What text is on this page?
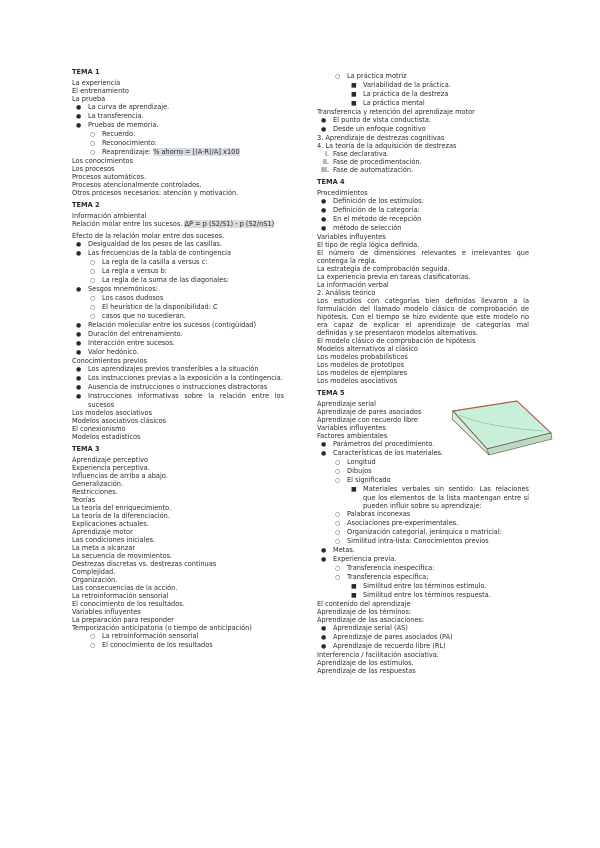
TEMA 1

La experiencia

El entrenamiento

La prueba

● La curva de aprendizaje.

● La transferencia.

● Pruebas de memoria.

○ Recuerdo:

○ Reconocimiento:

○ Reaprendizaje: % ahorro = [(A-R)/A] x100

Los conocimientos

Los procesos

Procesos automáticos.

Procesos atencionalmente controlados.

Otros procesos necesarios: atención y motivación.

TEMA 2

Información ambiental

Relación molar entre los sucesos. ΔP = p (S2/S1) - p (S2/nS1)

Efecto de la relación molar entre dos sucesos.

● Desigualdad de los pesos de las casillas.

● Las frecuencias de la tabla de contingencia

○ La regla de la casilla a versus c:

○ La regla a versus b:

○ La regla de la suma de las diagonales:

● Sesgos mnemónicos:

○ Los casos dudosos

○ El heurístico de la disponibilidad: C

○ casos que no sucedieran.

● Relación molecular entre los sucesos (contigüidad)

● Duración del entrenamiento.

● Interacción entre sucesos.

● Valor hedónico.

Conocimientos previos

● Los aprendizajes previos transferibles a la situación

● Los instrucciones previas a la exposición a la contingencia.

● Ausencia de instrucciones o instrucciones distractoras

● Instrucciones informativas sobre la relación entre los sucesos

Los modelos asociativos

Modelos asociativos clásicos

El conexionismo

Modelos estadísticos

TEMA 3

Aprendizaje perceptivo

Experiencia perceptiva.

Influencias de arriba a abajo.

Generalización.

Restricciones.

Teorías

La teoría del enriquecimiento.

La teoría de la diferenciación.

Explicaciones actuales.

Aprendizaje motor

Las condiciones iniciales.

La meta a alcanzar

La secuencia de movimientos.

Destrezas discretas vs. destrezas continuas

Complejidad.

Organización.

Las consecuencias de la acción.

La retroinformación sensorial

El conocimiento de los resultados.

Variables influyentes

La preparación para responder

Temporización anticipatoria (o tiempo de anticipación)

○ La retroinformación sensorial

○ El conocimiento de los resultados

○ La práctica motriz

■ Variabilidad de la práctica.

■ La práctica de la destreza

■ La práctica mental

Transferencia y retención del aprendizaje motor

● El punto de vista conductista.

● Desde un enfoque cognitivo

3. Aprendizaje de destrezas cognitivas

4. La teoría de la adquisición de destrezas

I. Fase declarativa.

II. Fase de procedimentación.

III. Fase de automatización.

TEMA 4

Procedimientos

● Definición de los estímulos:

● Definición de la categoría:

● En el método de recepción

● método de selección

Variables influyentes

El tipo de regla lógica definida.

El número de dimensiones relevantes e irrelevantes que contenga la regla.

La estrategia de comprobación seguida.

La experiencia previa en tareas clasificatorias.

La información verbal

2. Análisis teórico

Los estudios con categorías bien definidas llevaron a la formulación del llamado modelo clásico de comprobación de hipótesis. Con el tiempo se hizo evidente que este modelo no era capaz de explicar el aprendizaje de categorías mal definidas y se presentaron modelos alternativos.

El modelo clásico de comprobación de hipótesis

Modelos alternativos al clásico

Los modelos probabilísticos

Los modelos de prototipos

Los modelos de ejemplares

Los modelos asociativos

TEMA 5

Aprendizaje serial

Aprendizaje de pares asociados

Aprendizaje con recuerdo libre

Variables influyentes

Factores ambientales

● Parámetros del procedimiento.

● Características de los materiales.

○ Longitud

○ Dibujos

○ El significado

■ Materiales verbales sin sentido: Las relaciones que los elementos de la lista mantengan entre sí pueden influir sobre su aprendizaje:

○ Palabras inconexas

○ Asociaciones pre-experimentales.

○ Organización categorial, jerárquica o matricial:

○ Similitud intra-lista: Conocimientos previos

● Metas.

● Experiencia previa.

○ Transferencia inespecífica:

○ Transferencia específica:

■ Similitud entre los términos estímulo.

■ Similitud entre los términos respuesta.

El contenido del aprendizaje

Aprendizaje de los términos:

Aprendizaje de las asociaciones:

● Aprendizaje serial (AS)

● Aprendizaje de pares asociados (PA)

● Aprendizaje de recuerdo libre (RL)

Interferencia / facilitación asociativa.

Aprendizaje de los estímulos.

Aprendizaje de las respuestas
